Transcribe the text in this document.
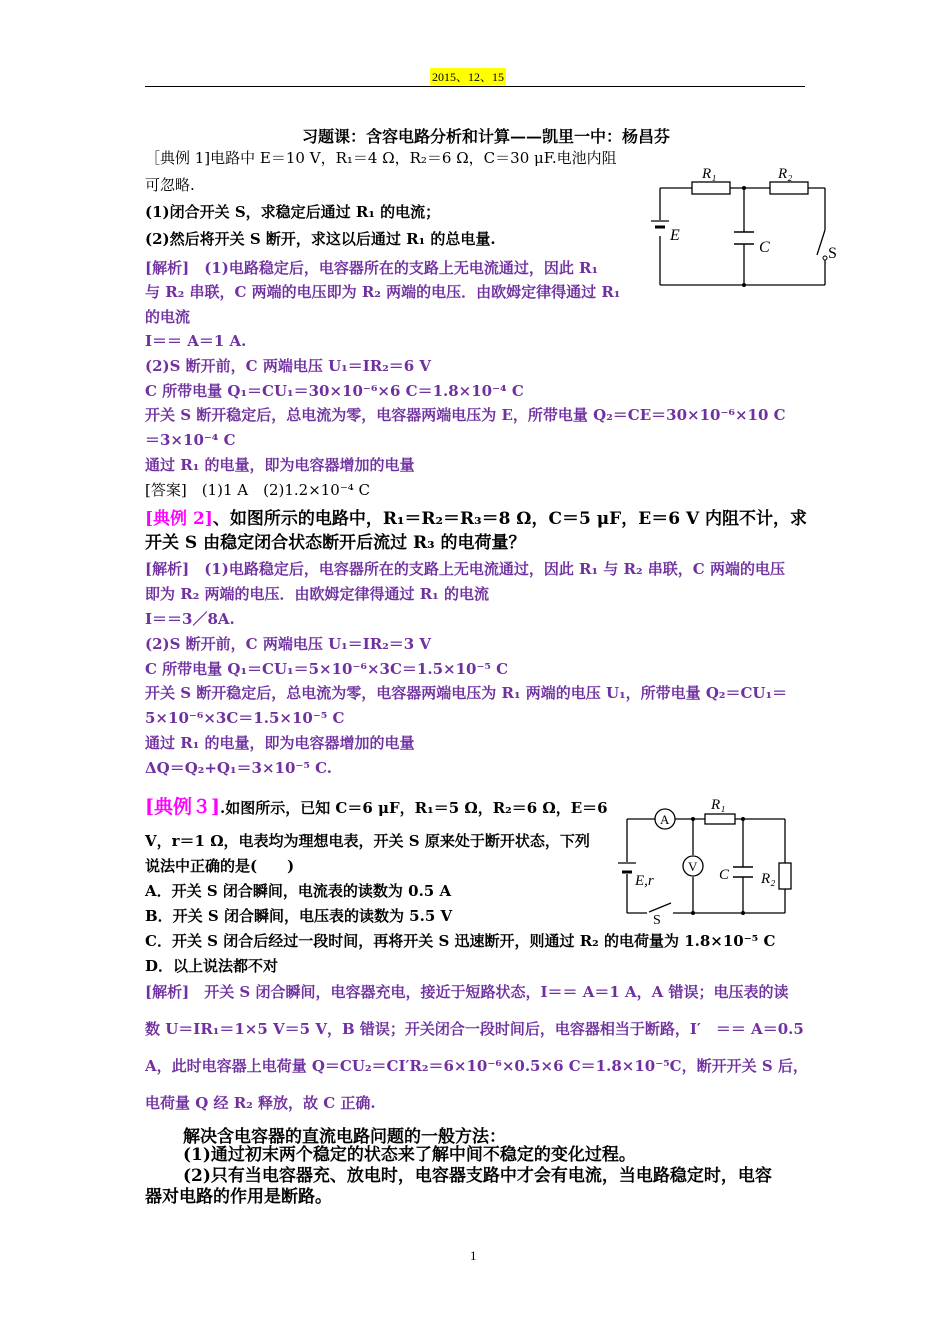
2015、12、15
习题课：含容电路分析和计算——凯里一中：杨昌芬
［典例 1]电路中 E＝10 V，R₁＝4 Ω，R₂＝6 Ω，C＝30 μF.电池内阻
可忽略.
(1)闭合开关 S，求稳定后通过 R₁ 的电流；
(2)然后将开关 S 断开，求这以后通过 R₁ 的总电量.
[解析]　(1)电路稳定后，电容器所在的支路上无电流通过，因此 R₁
与 R₂ 串联，C 两端的电压即为 R₂ 两端的电压．由欧姆定律得通过 R₁
的电流
I＝＝ A＝1 A.
(2)S 断开前，C 两端电压 U₁＝IR₂＝6 V
C 所带电量 Q₁＝CU₁＝30×10⁻⁶×6 C＝1.8×10⁻⁴ C
开关 S 断开稳定后，总电流为零，电容器两端电压为 E，所带电量 Q₂＝CE＝30×10⁻⁶×10 C
＝3×10⁻⁴ C
通过 R₁ 的电量，即为电容器增加的电量
[答案]　(1)1 A　(2)1.2×10⁻⁴ C
R₁	R₂
E
C	S
[典例 2]、如图所示的电路中，R₁＝R₂＝R₃＝8 Ω，C＝5 μF，E＝6 V 内阻不计，求
开关 S 由稳定闭合状态断开后流过 R₃ 的电荷量？
[解析]　(1)电路稳定后，电容器所在的支路上无电流通过，因此 R₁ 与 R₂ 串联，C 两端的电压
即为 R₂ 两端的电压．由欧姆定律得通过 R₁ 的电流
I＝＝3／8A.
(2)S 断开前，C 两端电压 U₁＝IR₂＝3 V
C 所带电量 Q₁＝CU₁＝5×10⁻⁶×3C＝1.5×10⁻⁵ C
开关 S 断开稳定后，总电流为零，电容器两端电压为 R₁ 两端的电压 U₁，所带电量 Q₂＝CU₁＝
5×10⁻⁶×3C＝1.5×10⁻⁵ C
通过 R₁ 的电量，即为电容器增加的电量
ΔQ＝Q₂+Q₁＝3×10⁻⁵ C.
[典例３].如图所示，已知 C＝6 μF，R₁＝5 Ω，R₂＝6 Ω，E＝6
V，r＝1 Ω，电表均为理想电表，开关 S 原来处于断开状态，下列
说法中正确的是(　　)
A．开关 S 闭合瞬间，电流表的读数为 0.5 A
B．开关 S 闭合瞬间，电压表的读数为 5.5 V
C．开关 S 闭合后经过一段时间，再将开关 S 迅速断开，则通过 R₂ 的电荷量为 1.8×10⁻⁵ C
D．以上说法都不对
[解析]　开关 S 闭合瞬间，电容器充电，接近于短路状态，I＝＝ A＝1 A，A 错误；电压表的读
数 U＝IR₁＝1×5 V＝5 V，B 错误；开关闭合一段时间后，电容器相当于断路，I′　＝＝ A＝0.5
A，此时电容器上电荷量 Q＝CU₂＝CI′R₂＝6×10⁻⁶×0.5×6 C＝1.8×10⁻⁵C，断开开关 S 后，
电荷量 Q 经 R₂ 释放，故 C 正确.
A
V
R₁
R₂
C
E,r
S
解决含电容器的直流电路问题的一般方法：
(1)通过初末两个稳定的状态来了解中间不稳定的变化过程。
(2)只有当电容器充、放电时，电容器支路中才会有电流，当电路稳定时，电容
器对电路的作用是断路。
1
